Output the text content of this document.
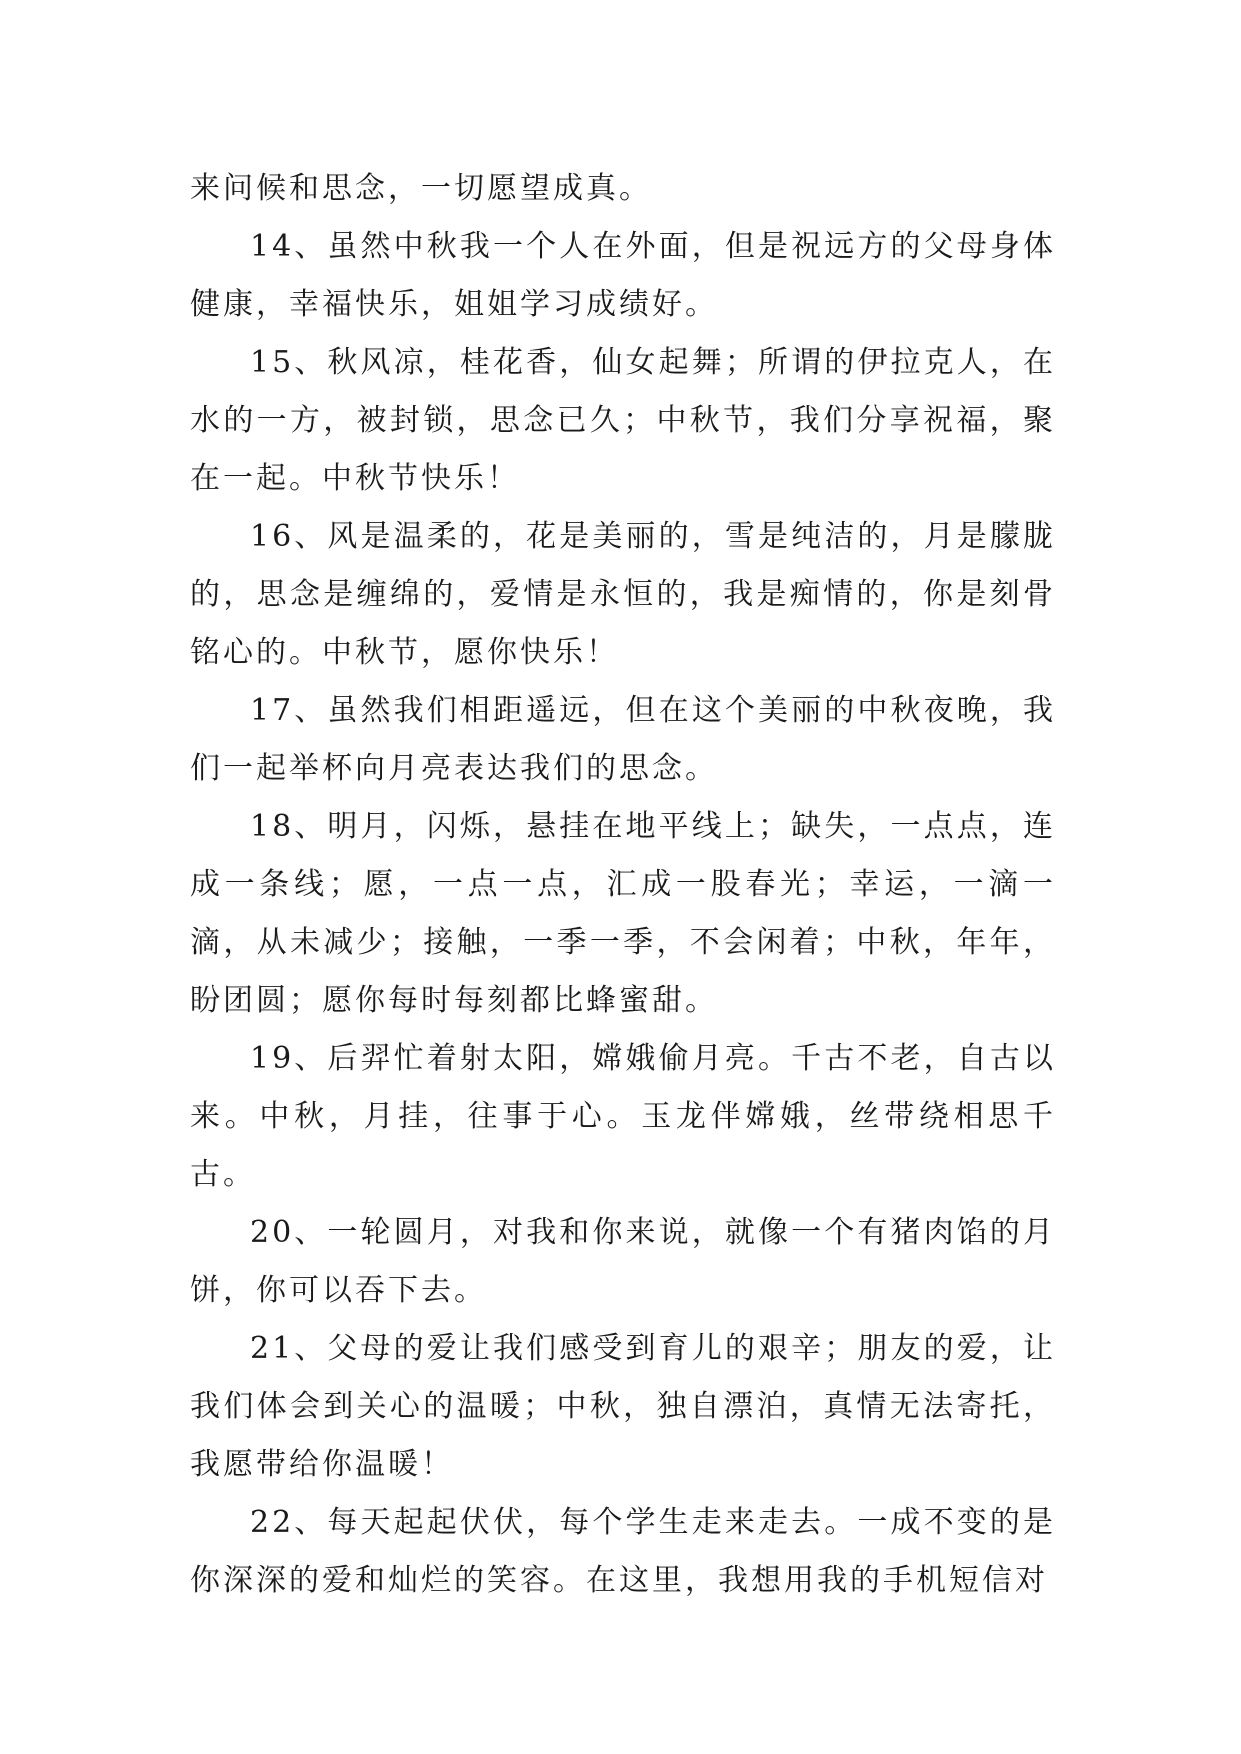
来问候和思念，一切愿望成真。

14、虽然中秋我一个人在外面，但是祝远方的父母身体健康，幸福快乐，姐姐学习成绩好。

15、秋风凉，桂花香，仙女起舞；所谓的伊拉克人，在水的一方，被封锁，思念已久；中秋节，我们分享祝福，聚在一起。中秋节快乐！

16、风是温柔的，花是美丽的，雪是纯洁的，月是朦胧的，思念是缠绵的，爱情是永恒的，我是痴情的，你是刻骨铭心的。中秋节，愿你快乐！

17、虽然我们相距遥远，但在这个美丽的中秋夜晚，我们一起举杯向月亮表达我们的思念。

18、明月，闪烁，悬挂在地平线上；缺失，一点点，连成一条线；愿，一点一点，汇成一股春光；幸运，一滴一滴，从未减少；接触，一季一季，不会闲着；中秋，年年，盼团圆；愿你每时每刻都比蜂蜜甜。

19、后羿忙着射太阳，嫦娥偷月亮。千古不老，自古以来。中秋，月挂，往事于心。玉龙伴嫦娥，丝带绕相思千古。

20、一轮圆月，对我和你来说，就像一个有猪肉馅的月饼，你可以吞下去。

21、父母的爱让我们感受到育儿的艰辛；朋友的爱，让我们体会到关心的温暖；中秋，独自漂泊，真情无法寄托，我愿带给你温暖！

22、每天起起伏伏，每个学生走来走去。一成不变的是你深深的爱和灿烂的笑容。在这里，我想用我的手机短信对
